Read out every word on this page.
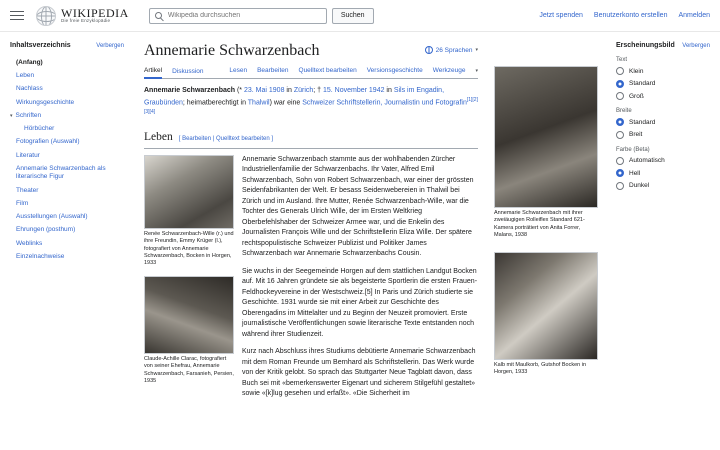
WIKIPEDIA
Die freie Enzyklopädie
Wikipedia durchsuchen
Suchen	Jetzt spenden Benutzerkonto erstellen Anmelden
Inhaltsverzeichnis	Verbergen
(Anfang)
Leben
Nachlass
Wirkungsgeschichte
▾ Schriften
Hörbücher
Fotografien (Auswahl)
Literatur
Annemarie Schwarzenbach als literarische Figur
Theater
Film
Ausstellungen (Auswahl)
Ehrungen (posthum)
Weblinks
Einzelnachweise
Annemarie Schwarzenbach	26 Sprachen ▾
Artikel Diskussion	Lesen Bearbeiten Quelltext bearbeiten Versionsgeschichte Werkzeuge ▾

Annemarie Schwarzenbach (* 23. Mai 1908 in Zürich; † 15. November 1942 in Sils im Engadin, Graubünden; heimatberechtigt in Thalwil) war eine Schweizer Schriftstellerin, Journalistin und Fotografin[1][2][3][4]

Leben [ Bearbeiten | Quelltext bearbeiten ]
Renée Schwarzenbach-Wille (r.) und ihre Freundin, Emmy Krüger (l.), fotografiert von Annemarie Schwarzenbach, Bocken in Horgen, 1933
Claude-Achille Clarac, fotografiert von seiner Ehefrau, Annemarie Schwarzenbach, Farsanieh, Persien, 1935

Annemarie Schwarzenbach stammte aus der wohlhabenden Zürcher Industriellenfamilie der Schwarzenbachs. Ihr Vater, Alfred Emil Schwarzenbach, Sohn von Robert Schwarzenbach, war einer der grössten Seidenfabrikanten der Welt. Er besass Seidenwebereien in Thalwil bei Zürich und im Ausland. Ihre Mutter, Renée Schwarzenbach-Wille, war die Tochter des Generals Ulrich Wille, der im Ersten Weltkrieg Oberbefehlshaber der Schweizer Armee war, und die Enkelin des Journalisten François Wille und der Schriftstellerin Eliza Wille. Der spätere rechtspopulistische Schweizer Publizist und Politiker James Schwarzenbach war Annemarie Schwarzenbachs Cousin.

Sie wuchs in der Seegemeinde Horgen auf dem stattlichen Landgut Bocken auf. Mit 16 Jahren gründete sie als begeisterte Sportlerin die ersten Frauen-Feldhockeyvereine in der Westschweiz.[5] In Paris und Zürich studierte sie Geschichte. 1931 wurde sie mit einer Arbeit zur Geschichte des Oberengadins im Mittelalter und zu Beginn der Neuzeit promoviert. Erste journalistische Veröffentlichungen sowie literarische Texte entstanden noch während ihrer Studienzeit.

Kurz nach Abschluss ihres Studiums debütierte Annemarie Schwarzenbach mit dem Roman Freunde um Bernhard als Schriftstellerin. Das Werk wurde von der Kritik gelobt. So sprach das Stuttgarter Neue Tagblatt davon, dass Buch sei mit «bemerkenswerter Eigenart und sicherem Stilgefühl gestaltet» sowie «[k]lug gesehen und erfaßt». «Die Sicherheit im

Annemarie Schwarzenbach mit ihrer zweiäugigen Rolleiflex Standard 621-Kamera porträtiert von Anita Forrer, Malans, 1938
Kalb mit Maulkorb, Gutshof Bocken in Horgen, 1933
Erscheinungsbild Verbergen
Text
Klein
Standard
Groß
Breite
Standard
Breit
Farbe (Beta)
Automatisch
Hell
Dunkel
